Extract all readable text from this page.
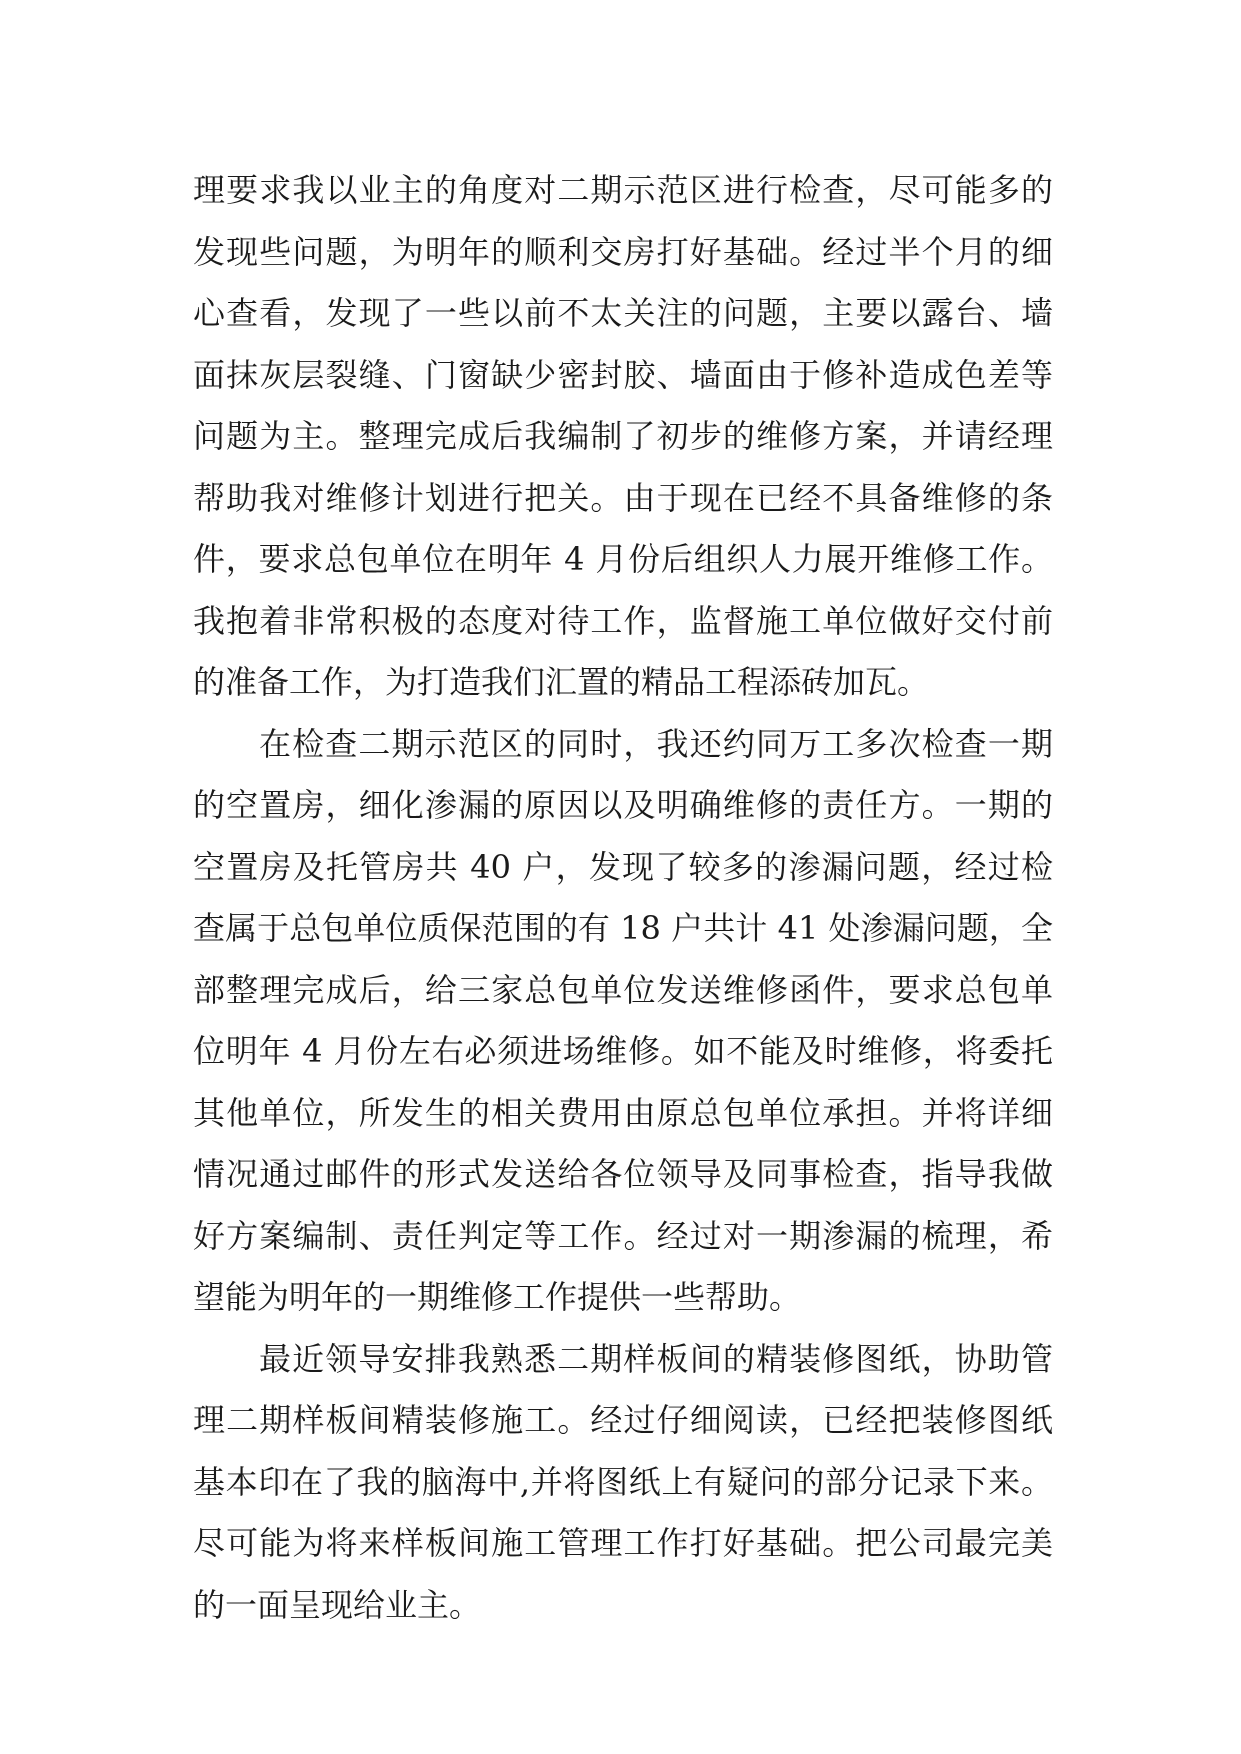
理要求我以业主的角度对二期示范区进行检查，尽可能多的
发现些问题，为明年的顺利交房打好基础。经过半个月的细
心查看，发现了一些以前不太关注的问题，主要以露台、墙
面抹灰层裂缝、门窗缺少密封胶、墙面由于修补造成色差等
问题为主。整理完成后我编制了初步的维修方案，并请经理
帮助我对维修计划进行把关。由于现在已经不具备维修的条
件，要求总包单位在明年 4 月份后组织人力展开维修工作。
我抱着非常积极的态度对待工作，监督施工单位做好交付前
的准备工作，为打造我们汇置的精品工程添砖加瓦。
在检查二期示范区的同时，我还约同万工多次检查一期
的空置房，细化渗漏的原因以及明确维修的责任方。一期的
空置房及托管房共 40 户，发现了较多的渗漏问题，经过检
查属于总包单位质保范围的有 18 户共计 41 处渗漏问题，全
部整理完成后，给三家总包单位发送维修函件，要求总包单
位明年 4 月份左右必须进场维修。如不能及时维修，将委托
其他单位，所发生的相关费用由原总包单位承担。并将详细
情况通过邮件的形式发送给各位领导及同事检查，指导我做
好方案编制、责任判定等工作。经过对一期渗漏的梳理，希
望能为明年的一期维修工作提供一些帮助。
最近领导安排我熟悉二期样板间的精装修图纸，协助管
理二期样板间精装修施工。经过仔细阅读，已经把装修图纸
基本印在了我的脑海中,并将图纸上有疑问的部分记录下来。
尽可能为将来样板间施工管理工作打好基础。把公司最完美
的一面呈现给业主。
